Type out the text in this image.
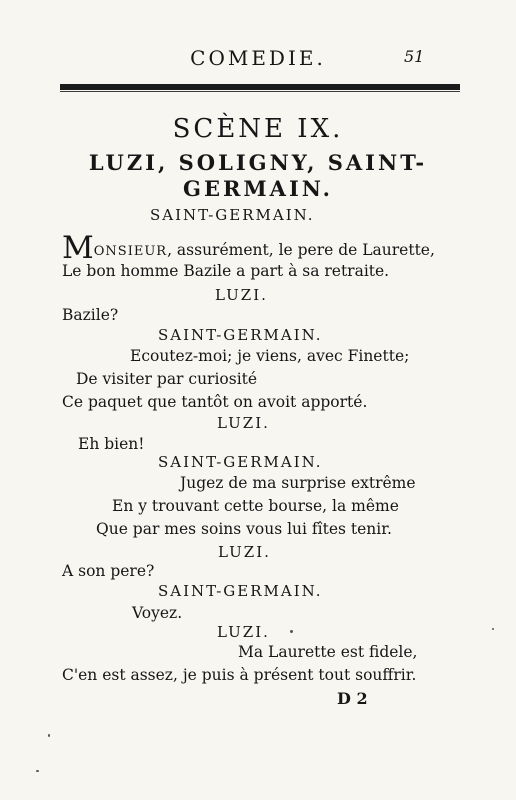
COMEDIE.	51
SCÈNE IX.
LUZI, SOLIGNY, SAINT-
GERMAIN.
SAINT-GERMAIN.
MONSIEUR, assurément, le pere de Laurette,
Le bon homme Bazile a part à sa retraite.
LUZI.
Bazile?
SAINT-GERMAIN.
Ecoutez-moi; je viens, avec Finette;
De visiter par curiosité
Ce paquet que tantôt on avoit apporté.
LUZI.
Eh bien!
SAINT-GERMAIN.
Jugez de ma surprise extrême
En y trouvant cette bourse, la même
Que par mes soins vous lui fîtes tenir.
LUZI.
A son pere?
SAINT-GERMAIN.
Voyez.
LUZI.
Ma Laurette est fidele,
C'en est assez, je puis à présent tout souffrir.
D 2
